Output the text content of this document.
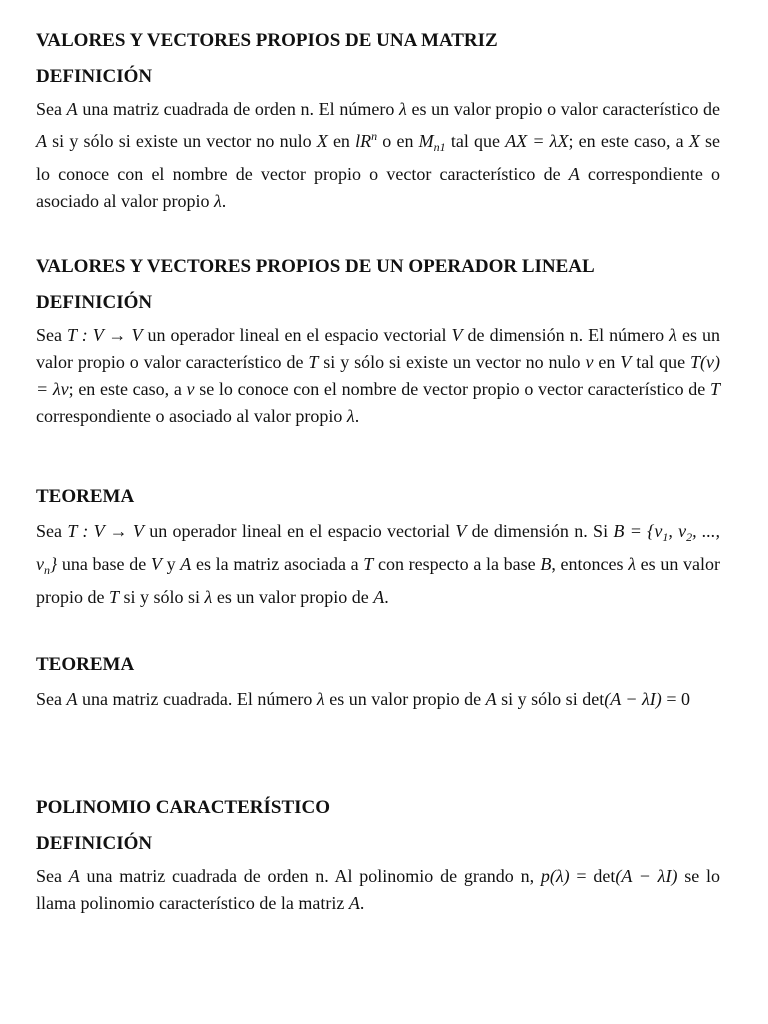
VALORES Y VECTORES PROPIOS DE UNA MATRIZ
DEFINICIÓN

Sea A una matriz cuadrada de orden n. El número λ es un valor propio o valor característico de A si y sólo si existe un vector no nulo X en $lR^n$ o en $M_{n1}$ tal que AX = λX; en este caso, a X se lo conoce con el nombre de vector propio o vector característico de A correspondiente o asociado al valor propio λ.

VALORES Y VECTORES PROPIOS DE UN OPERADOR LINEAL
DEFINICIÓN

Sea T : V → V un operador lineal en el espacio vectorial V de dimensión n. El número λ es un valor propio o valor característico de T si y sólo si existe un vector no nulo v en V tal que T(v) = λv; en este caso, a v se lo conoce con el nombre de vector propio o vector característico de T correspondiente o asociado al valor propio λ.

TEOREMA

Sea T : V → V un operador lineal en el espacio vectorial V de dimensión n. Si $B = \{v_1$, $v_2$, ..., $v_n$} una base de V y A es la matriz asociada a T con respecto a la base B, entonces λ es un valor propio de T si y sólo si λ es un valor propio de A.

TEOREMA

Sea A una matriz cuadrada. El número λ es un valor propio de A si y sólo si det(A − λI) = 0

POLINOMIO CARACTERÍSTICO
DEFINICIÓN

Sea A una matriz cuadrada de orden n. Al polinomio de grando n, p(λ) = det(A − λI) se lo llama polinomio característico de la matriz A.
